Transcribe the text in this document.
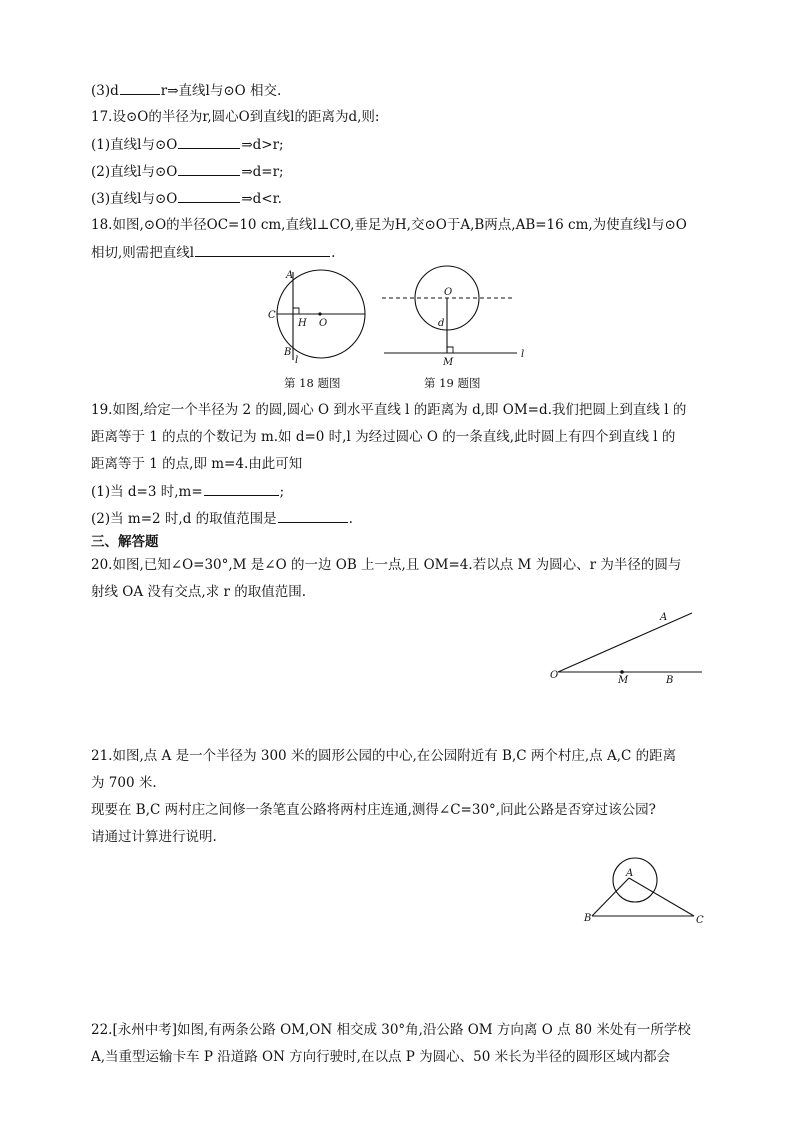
(3)d	r⇒直线l与⊙O 相交.
17.设⊙O的半径为r,圆心O到直线l的距离为d,则:
(1)直线l与⊙O	⇒d>r;
(2)直线l与⊙O	⇒d=r;
(3)直线l与⊙O	⇒d<r.
18.如图,⊙O的半径OC=10 cm,直线l⊥CO,垂足为H,交⊙O于A,B两点,AB=16 cm,为使直线l与⊙O
相切,则需把直线l	.
A
C
H O
B
l
第 18 题图
O
d
M
l
第 19 题图
19.如图,给定一个半径为 2 的圆,圆心 O 到水平直线 l 的距离为 d,即 OM=d.我们把圆上到直线 l 的
距离等于 1 的点的个数记为 m.如 d=0 时,l 为经过圆心 O 的一条直线,此时圆上有四个到直线 l 的
距离等于 1 的点,即 m=4.由此可知
(1)当 d=3 时,m=	;
(2)当 m=2 时,d 的取值范围是	.
三、解答题
20.如图,已知∠O=30°,M 是∠O 的一边 OB 上一点,且 OM=4.若以点 M 为圆心、r 为半径的圆与
射线 OA 没有交点,求 r 的取值范围.
O
A
M	B
21.如图,点 A 是一个半径为 300 米的圆形公园的中心,在公园附近有 B,C 两个村庄,点 A,C 的距离
为 700 米.
现要在 B,C 两村庄之间修一条笔直公路将两村庄连通,测得∠C=30°,问此公路是否穿过该公园?
请通过计算进行说明.
A
B	C
22.[永州中考]如图,有两条公路 OM,ON 相交成 30°角,沿公路 OM 方向离 O 点 80 米处有一所学校
A,当重型运输卡车 P 沿道路 ON 方向行驶时,在以点 P 为圆心、50 米长为半径的圆形区域内都会
